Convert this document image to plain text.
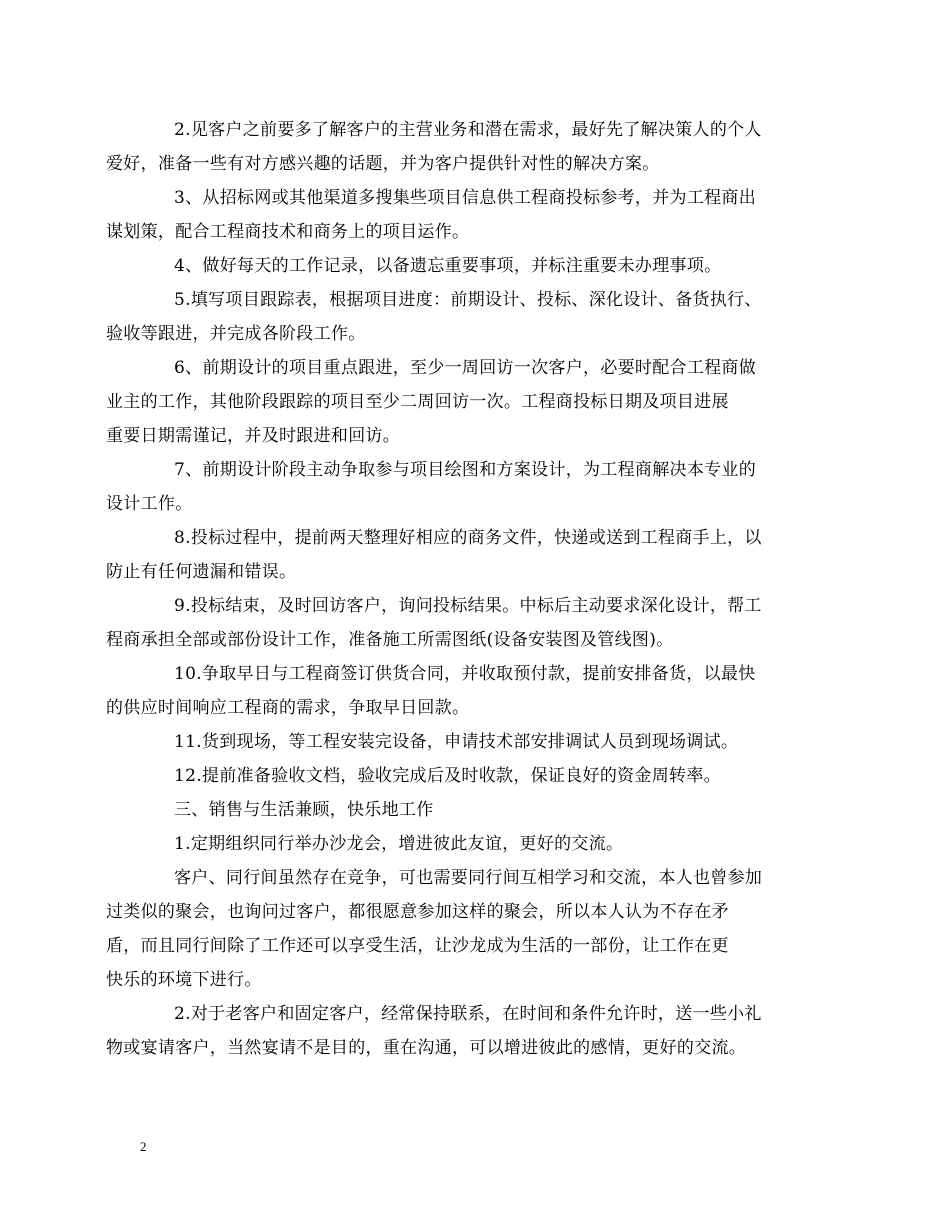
2.见客户之前要多了解客户的主营业务和潜在需求，最好先了解决策人的个人
爱好，准备一些有对方感兴趣的话题，并为客户提供针对性的解决方案。

3、从招标网或其他渠道多搜集些项目信息供工程商投标参考，并为工程商出
谋划策，配合工程商技术和商务上的项目运作。

4、做好每天的工作记录，以备遗忘重要事项，并标注重要未办理事项。

5.填写项目跟踪表，根据项目进度：前期设计、投标、深化设计、备货执行、
验收等跟进，并完成各阶段工作。

6、前期设计的项目重点跟进，至少一周回访一次客户，必要时配合工程商做
业主的工作，其他阶段跟踪的项目至少二周回访一次。工程商投标日期及项目进展
重要日期需谨记，并及时跟进和回访。

7、前期设计阶段主动争取参与项目绘图和方案设计，为工程商解决本专业的
设计工作。

8.投标过程中，提前两天整理好相应的商务文件，快递或送到工程商手上，以
防止有任何遗漏和错误。

9.投标结束，及时回访客户，询问投标结果。中标后主动要求深化设计，帮工
程商承担全部或部份设计工作，准备施工所需图纸(设备安装图及管线图)。

10.争取早日与工程商签订供货合同，并收取预付款，提前安排备货，以最快
的供应时间响应工程商的需求，争取早日回款。

11.货到现场，等工程安装完设备，申请技术部安排调试人员到现场调试。

12.提前准备验收文档，验收完成后及时收款，保证良好的资金周转率。

三、销售与生活兼顾，快乐地工作

1.定期组织同行举办沙龙会，增进彼此友谊，更好的交流。

客户、同行间虽然存在竞争，可也需要同行间互相学习和交流，本人也曾参加
过类似的聚会，也询问过客户，都很愿意参加这样的聚会，所以本人认为不存在矛
盾，而且同行间除了工作还可以享受生活，让沙龙成为生活的一部份，让工作在更
快乐的环境下进行。

2.对于老客户和固定客户，经常保持联系，在时间和条件允许时，送一些小礼
物或宴请客户，当然宴请不是目的，重在沟通，可以增进彼此的感情，更好的交流。

2
